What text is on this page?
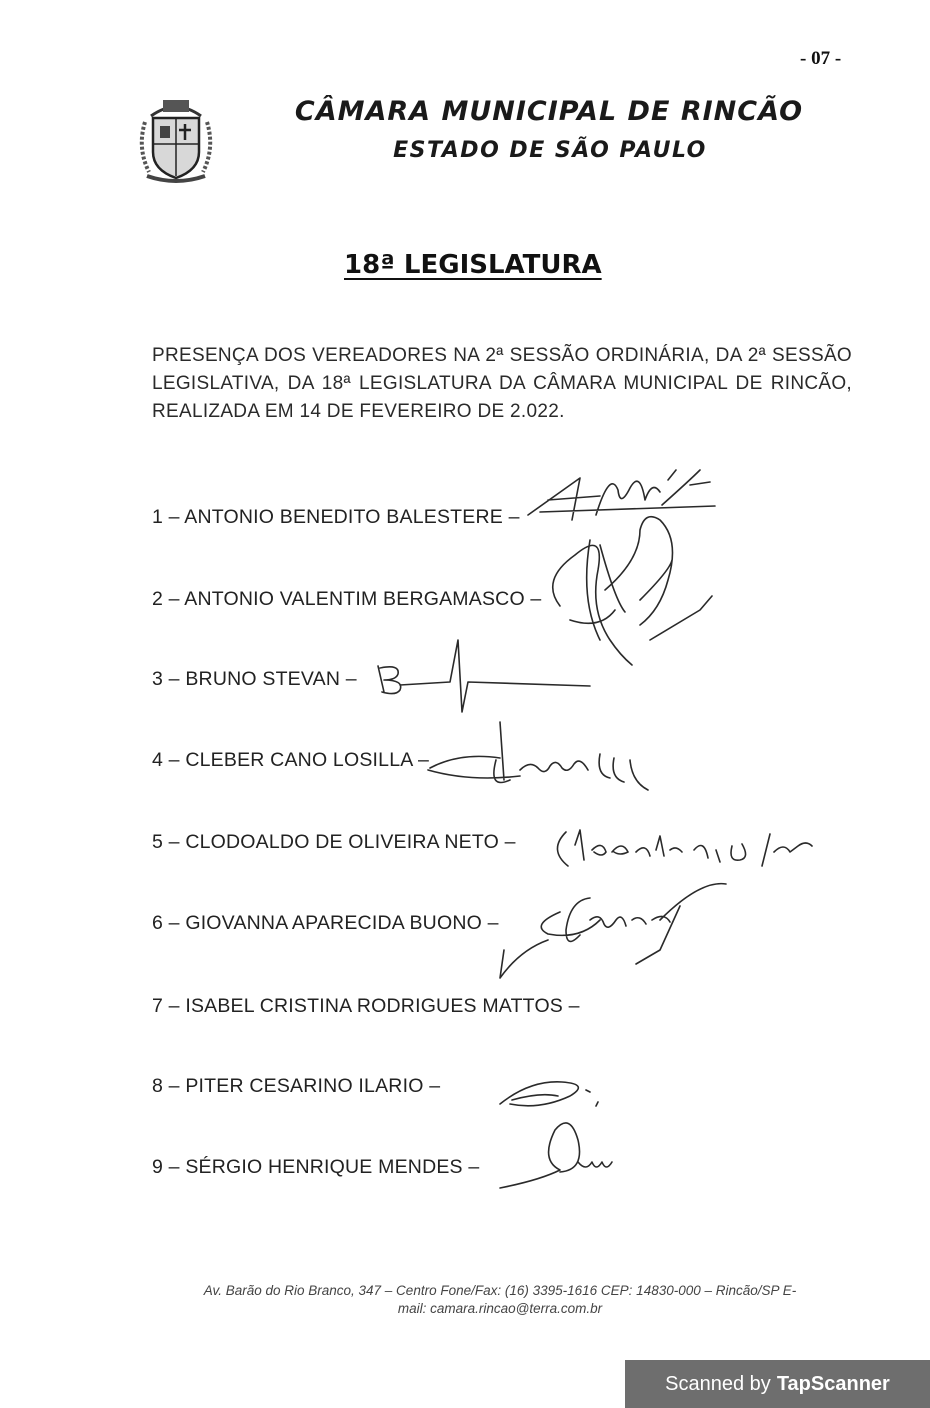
- 07 -
CÂMARA MUNICIPAL DE RINCÃO
ESTADO DE SÃO PAULO
18ª LEGISLATURA
PRESENÇA DOS VEREADORES NA 2ª SESSÃO ORDINÁRIA, DA 2ª SESSÃO LEGISLATIVA, DA 18ª LEGISLATURA DA CÂMARA MUNICIPAL DE RINCÃO, REALIZADA EM 14 DE FEVEREIRO DE 2.022.
1 – ANTONIO BENEDITO BALESTERE –
2 – ANTONIO VALENTIM BERGAMASCO –
3 – BRUNO STEVAN –
4 – CLEBER CANO LOSILLA –
5 – CLODOALDO DE OLIVEIRA NETO –
6 – GIOVANNA APARECIDA BUONO –
7 – ISABEL CRISTINA RODRIGUES MATTOS –
8 – PITER CESARINO ILARIO –
9 – SÉRGIO HENRIQUE MENDES –
Av. Barão do Rio Branco, 347 – Centro Fone/Fax: (16) 3395-1616 CEP: 14830-000 – Rincão/SP E-
mail: camara.rincao@terra.com.br
Scanned by TapScanner
